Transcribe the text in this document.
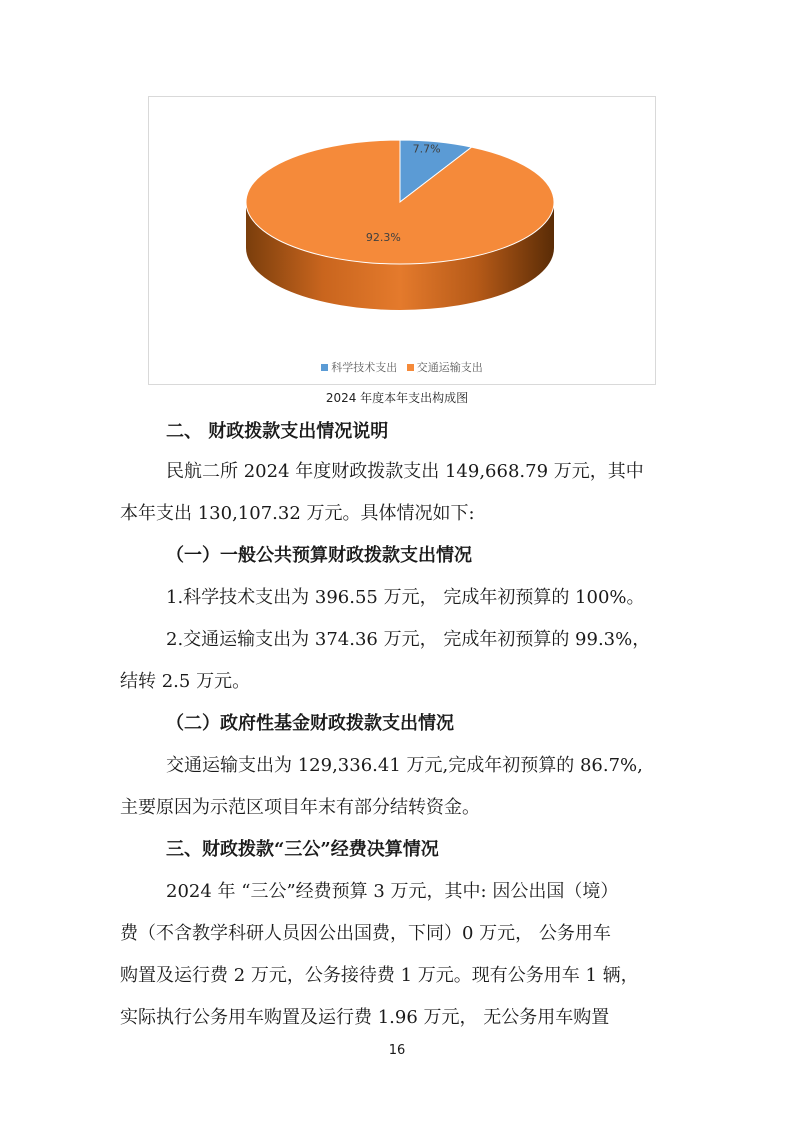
7.7%
92.3%
科学技术支出 交通运输支出
2024 年度本年支出构成图
二、 财政拨款支出情况说明
民航二所 2024 年度财政拨款支出 149,668.79 万元，其中
本年支出 130,107.32 万元。具体情况如下:
（一）一般公共预算财政拨款支出情况
1.科学技术支出为 396.55 万元， 完成年初预算的 100%。
2.交通运输支出为 374.36 万元， 完成年初预算的 99.3%，
结转 2.5 万元。
（二）政府性基金财政拨款支出情况
交通运输支出为 129,336.41 万元,完成年初预算的 86.7%,
主要原因为示范区项目年末有部分结转资金。
三、财政拨款“三公”经费决算情况
2024 年 “三公”经费预算 3 万元，其中: 因公出国（境）
费（不含教学科研人员因公出国费，下同）0 万元， 公务用车
购置及运行费 2 万元，公务接待费 1 万元。现有公务用车 1 辆，
实际执行公务用车购置及运行费 1.96 万元， 无公务用车购置
16
